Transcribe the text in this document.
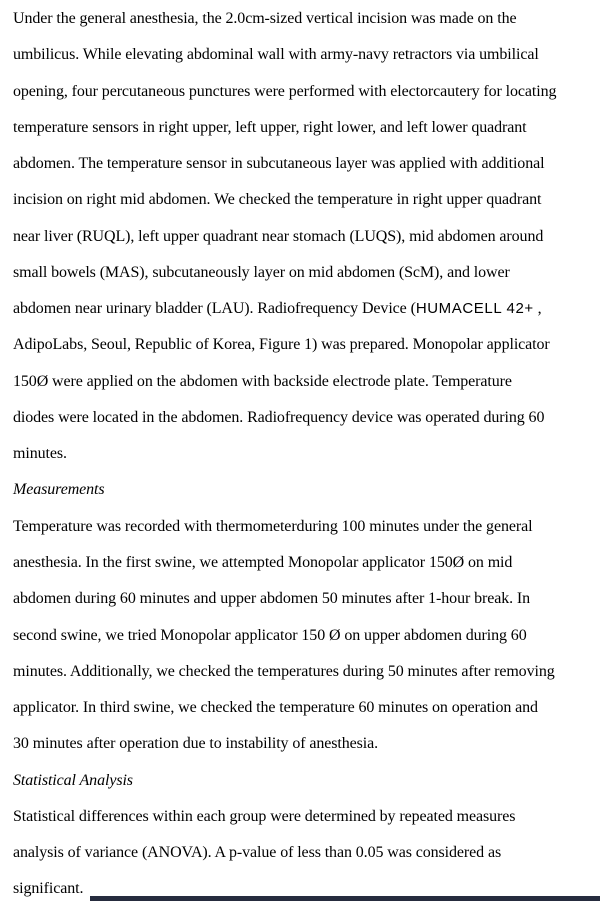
Under the general anesthesia, the 2.0cm-sized vertical incision was made on the
umbilicus. While elevating abdominal wall with army-navy retractors via umbilical
opening, four percutaneous punctures were performed with electorcautery for locating
temperature sensors in right upper, left upper, right lower, and left lower quadrant
abdomen. The temperature sensor in subcutaneous layer was applied with additional
incision on right mid abdomen. We checked the temperature in right upper quadrant
near liver (RUQL), left upper quadrant near stomach (LUQS), mid abdomen around
small bowels (MAS), subcutaneously layer on mid abdomen (ScM), and lower
abdomen near urinary bladder (LAU). Radiofrequency Device (HUMACELL 42+ ,
AdipoLabs, Seoul, Republic of Korea, Figure 1) was prepared. Monopolar applicator
150Ø were applied on the abdomen with backside electrode plate. Temperature
diodes were located in the abdomen. Radiofrequency device was operated during 60
minutes.
Measurements
Temperature was recorded with thermometerduring 100 minutes under the general
anesthesia. In the first swine, we attempted Monopolar applicator 150Ø on mid
abdomen during 60 minutes and upper abdomen 50 minutes after 1-hour break. In
second swine, we tried Monopolar applicator 150 Ø on upper abdomen during 60
minutes. Additionally, we checked the temperatures during 50 minutes after removing
applicator. In third swine, we checked the temperature 60 minutes on operation and
30 minutes after operation due to instability of anesthesia.
Statistical Analysis
Statistical differences within each group were determined by repeated measures
analysis of variance (ANOVA). A p-value of less than 0.05 was considered as
significant.
